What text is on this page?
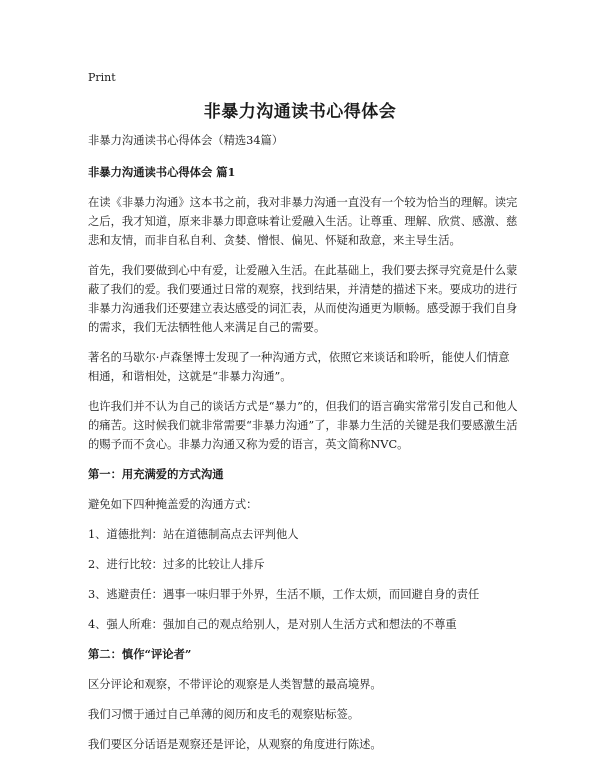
Print
非暴力沟通读书心得体会

非暴力沟通读书心得体会（精选34篇）

非暴力沟通读书心得体会 篇1

在读《非暴力沟通》这本书之前，我对非暴力沟通一直没有一个较为恰当的理解。读完之后，我才知道，原来非暴力即意味着让爱融入生活。让尊重、理解、欣赏、感激、慈悲和友情，而非自私自利、贪婪、憎恨、偏见、怀疑和敌意，来主导生活。

首先，我们要做到心中有爱，让爱融入生活。在此基础上，我们要去探寻究竟是什么蒙蔽了我们的爱。我们要通过日常的观察，找到结果，并清楚的描述下来。要成功的进行非暴力沟通我们还要建立表达感受的词汇表，从而使沟通更为顺畅。感受源于我们自身的需求，我们无法牺牲他人来满足自己的需要。

著名的马歇尔·卢森堡博士发现了一种沟通方式，依照它来谈话和聆听，能使人们情意相通，和谐相处，这就是“非暴力沟通”。

也许我们并不认为自己的谈话方式是“暴力”的，但我们的语言确实常常引发自己和他人的痛苦。这时候我们就非常需要“非暴力沟通”了，非暴力生活的关键是我们要感激生活的赐予而不贪心。非暴力沟通又称为爱的语言，英文简称NVC。

第一：用充满爱的方式沟通

避免如下四种掩盖爱的沟通方式：

1、道德批判：站在道德制高点去评判他人

2、进行比较：过多的比较让人排斥

3、逃避责任：遇事一味归罪于外界，生活不顺，工作太烦，而回避自身的责任

4、强人所难：强加自己的观点给别人，是对别人生活方式和想法的不尊重

第二：慎作“评论者”

区分评论和观察，不带评论的观察是人类智慧的最高境界。

我们习惯于通过自己单薄的阅历和皮毛的观察贴标签。

我们要区分话语是观察还是评论，从观察的角度进行陈述。
